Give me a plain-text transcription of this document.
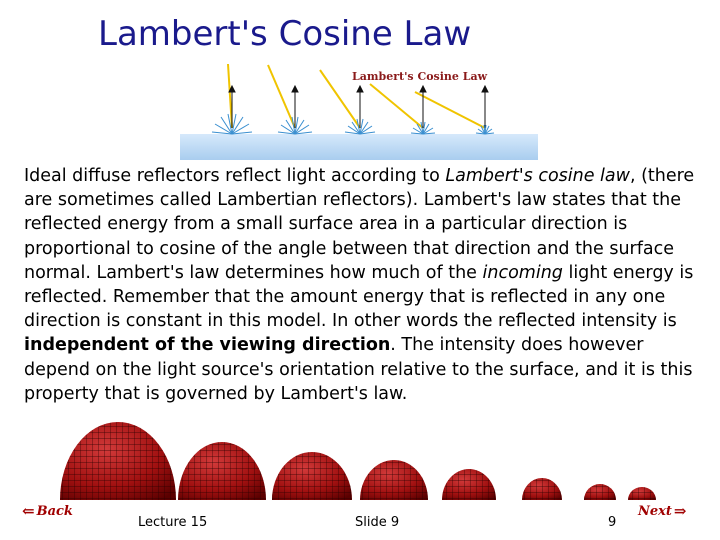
Lambert's Cosine Law
Lambert's Cosine Law
Ideal diffuse reflectors reflect light according to Lambert's cosine law, (there are sometimes called Lambertian reflectors). Lambert's law states that the reflected energy from a small surface area in a particular direction is proportional to cosine of the angle between that direction and the surface normal. Lambert's law determines how much of the incoming light energy is reflected. Remember that the amount energy that is reflected in any one direction is constant in this model. In other words the reflected intensity is independent of the viewing direction. The intensity does however depend on the light source's orientation relative to the surface, and it is this property that is governed by Lambert's law.
⇐ Back
Lecture 15	Slide 9	9
Next ⇒
